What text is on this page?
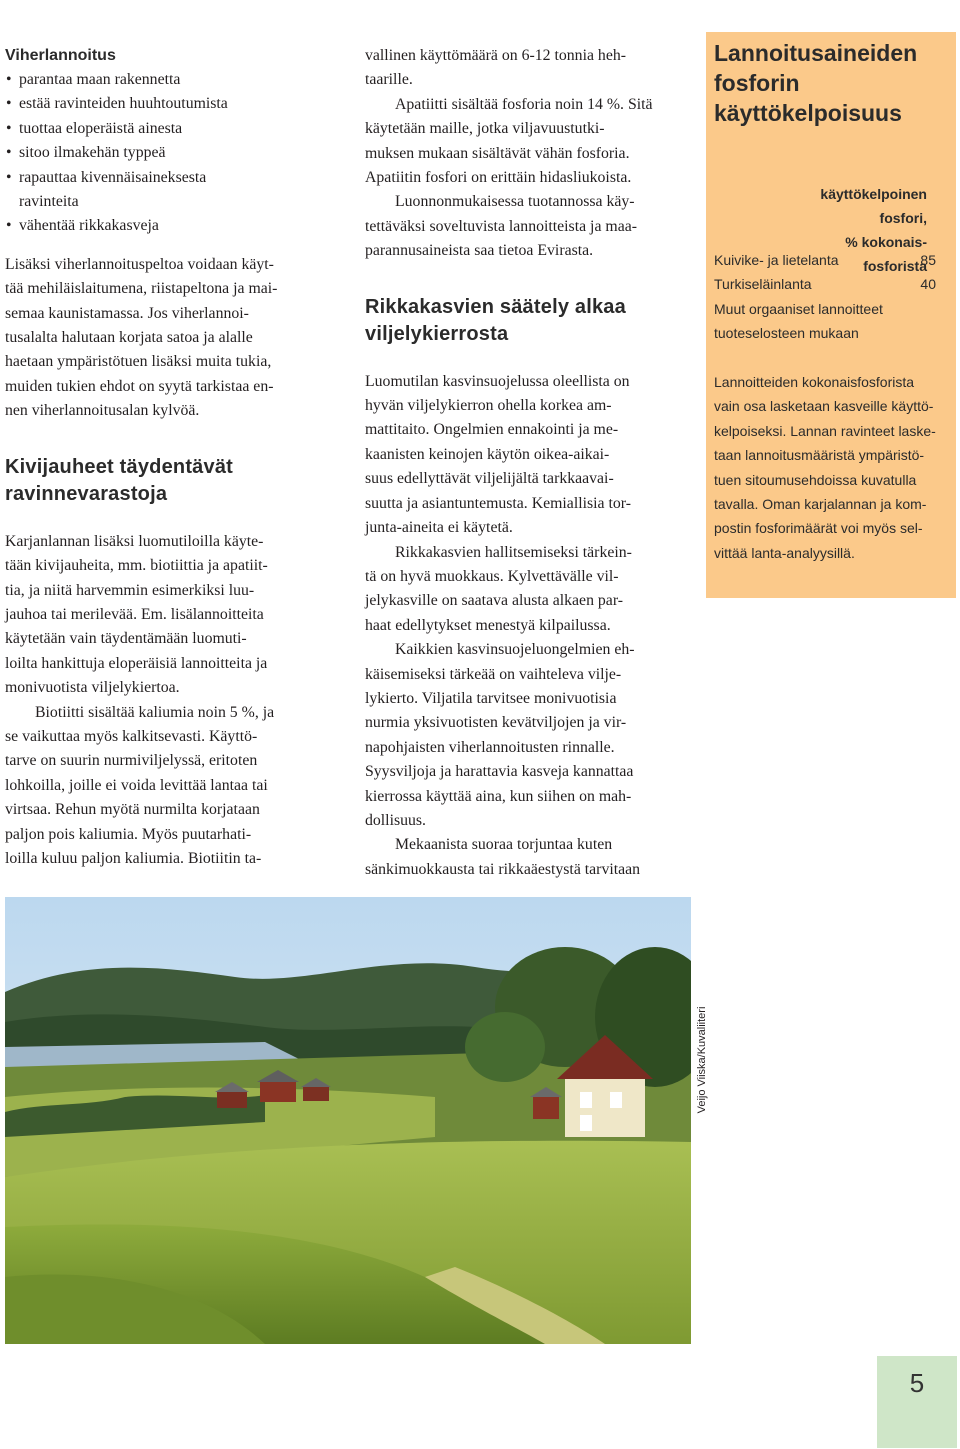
Viherlannoitus
• parantaa maan rakennetta
• estää ravinteiden huuhtoutumista
• tuottaa eloperäistä ainesta
• sitoo ilmakehän typpeä
• rapauttaa kivennäisaineksesta
ravinteita
• vähentää rikkakasveja

Lisäksi viherlannoituspeltoa voidaan käyt-
tää mehiläislaitumena, riistapeltona ja mai-
semaa kaunistamassa. Jos viherlannoi-
tusalalta halutaan korjata satoa ja alalle
haetaan ympäristötuen lisäksi muita tukia,
muiden tukien ehdot on syytä tarkistaa en-
nen viherlannoitusalan kylvöä.

Kivijauheet täydentävät
ravinnevarastoja

Karjanlannan lisäksi luomutiloilla käyte-
tään kivijauheita, mm. biotiittia ja apatiit-
tia, ja niitä harvemmin esimerkiksi luu-
jauhoa tai merilevää. Em. lisälannoitteita
käytetään vain täydentämään luomuti-
loilta hankittuja eloperäisiä lannoitteita ja
monivuotista viljelykiertoa.

Biotiitti sisältää kaliumia noin 5 %, ja
se vaikuttaa myös kalkitsevasti. Käyttö-
tarve on suurin nurmiviljelyssä, eritoten
lohkoilla, joille ei voida levittää lantaa tai
virtsaa. Rehun myötä nurmilta korjataan
paljon pois kaliumia. Myös puutarhati-
loilla kuluu paljon kaliumia. Biotiitin ta-

vallinen käyttömäärä on 6-12 tonnia heh-
taarille.

Apatiitti sisältää fosforia noin 14 %. Sitä
käytetään maille, jotka viljavuustutki-
muksen mukaan sisältävät vähän fosforia.
Apatiitin fosfori on erittäin hidasliukoista.

Luonnonmukaisessa tuotannossa käy-
tettäväksi soveltuvista lannoitteista ja maa-
parannusaineista saa tietoa Evirasta.

Rikkakasvien säätely alkaa
viljelykierrosta

Luomutilan kasvinsuojelussa oleellista on
hyvän viljelykierron ohella korkea am-
mattitaito. Ongelmien ennakointi ja me-
kaanisten keinojen käytön oikea-aikai-
suus edellyttävät viljelijältä tarkkaavai-
suutta ja asiantuntemusta. Kemiallisia tor-
junta-aineita ei käytetä.

Rikkakasvien hallitsemiseksi tärkein-
tä on hyvä muokkaus. Kylvettävälle vil-
jelykasville on saatava alusta alkaen par-
haat edellytykset menestyä kilpailussa.

Kaikkien kasvinsuojeluongelmien eh-
käisemiseksi tärkeää on vaihteleva vilje-
lykierto. Viljatila tarvitsee monivuotisia
nurmia yksivuotisten kevätviljojen ja vir-
napohjaisten viherlannoitusten rinnalle.
Syysviljoja ja harattavia kasveja kannattaa
kierrossa käyttää aina, kun siihen on mah-
dollisuus.

Mekaanista suoraa torjuntaa kuten
sänkimuokkausta tai rikkaäestystä tarvitaan

Lannoitusaineiden
fosforin
käyttökelpoisuus
käyttökelpoinen
fosfori,
% kokonais-
fosforista
Kuivike- ja lietelanta	85
Turkiseläinlanta	40
Muut orgaaniset lannoitteet
tuoteselosteen mukaan
Lannoitteiden kokonaisfosforista
vain osa lasketaan kasveille käyttö-
kelpoiseksi. Lannan ravinteet laske-
taan lannoitusmääristä ympäristö-
tuen sitoumusehdoissa kuvatulla
tavalla. Oman karjalannan ja kom-
postin fosforimäärät voi myös sel-
vittää lanta-analyysillä.
Veijo Viiska/Kuvaliiteri
5
